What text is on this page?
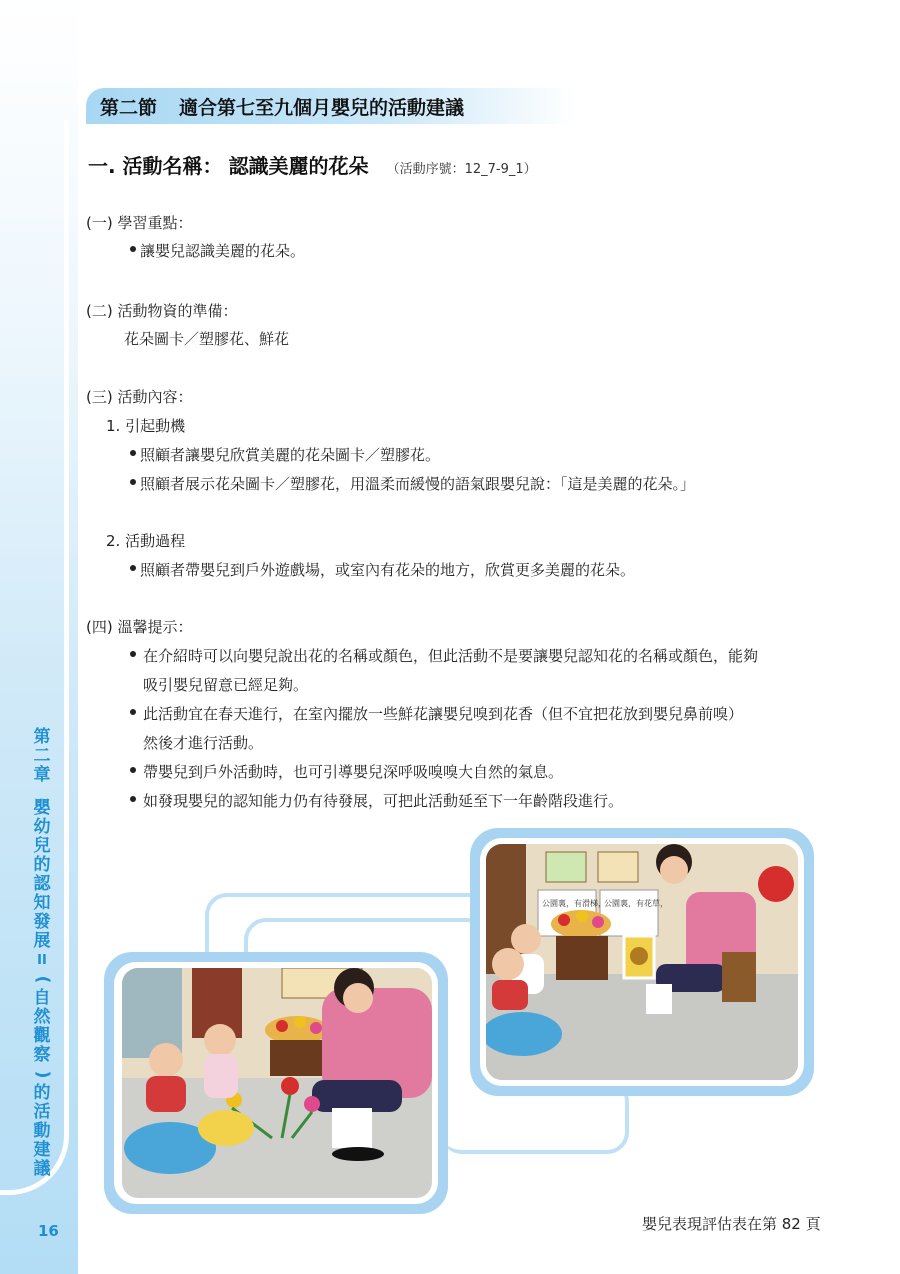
第
二
章
嬰
幼
兒
的
認
知
發
展
II
(
自
然
觀
察
)
的
活
動
建
議
16
第二節 適合第七至九個月嬰兒的活動建議
一. 活動名稱： 認識美麗的花朵 （活動序號：12_7-9_1）
(一) 學習重點：
讓嬰兒認識美麗的花朵。
(二) 活動物資的準備：
花朵圖卡／塑膠花、鮮花
(三) 活動內容：
1. 引起動機
照顧者讓嬰兒欣賞美麗的花朵圖卡／塑膠花。
照顧者展示花朵圖卡／塑膠花，用溫柔而緩慢的語氣跟嬰兒說：「這是美麗的花朵。」
2. 活動過程
照顧者帶嬰兒到戶外遊戲場，或室內有花朵的地方，欣賞更多美麗的花朵。
(四) 溫馨提示：
在介紹時可以向嬰兒說出花的名稱或顏色，但此活動不是要讓嬰兒認知花的名稱或顏色，能夠
吸引嬰兒留意已經足夠。
此活動宜在春天進行，在室內擺放一些鮮花讓嬰兒嗅到花香（但不宜把花放到嬰兒鼻前嗅）
然後才進行活動。
帶嬰兒到戶外活動時，也可引導嬰兒深呼吸嗅嗅大自然的氣息。
如發現嬰兒的認知能力仍有待發展，可把此活動延至下一年齡階段進行。
公園裏，有滑梯，
公園裏，有花草，
嬰兒表現評估表在第 82 頁
